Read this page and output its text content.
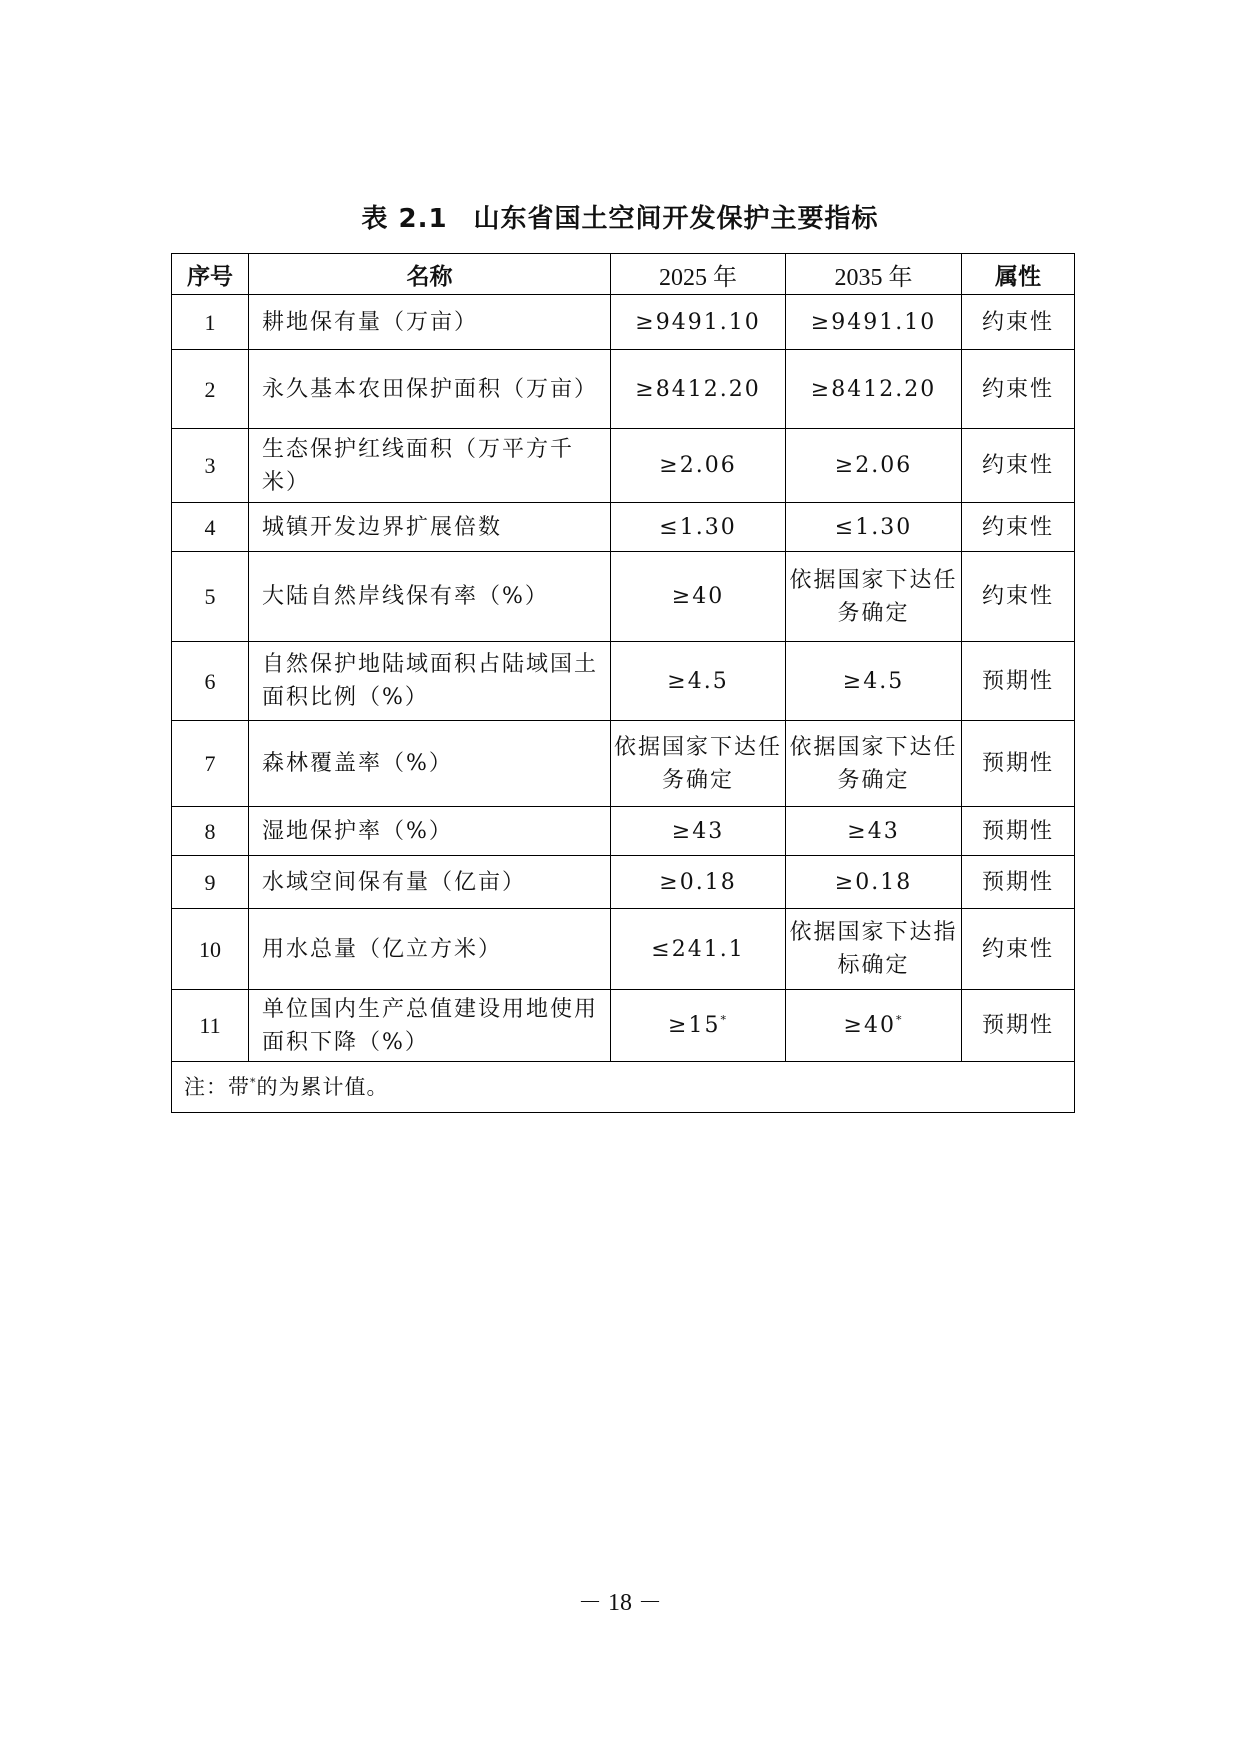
表 2.1 山东省国土空间开发保护主要指标
序号	名称	2025 年	2035 年	属性
1	耕地保有量（万亩）	≥9491.10	≥9491.10	约束性
2	永久基本农田保护面积（万亩）	≥8412.20	≥8412.20	约束性
3	生态保护红线面积（万平方千米）	≥2.06	≥2.06	约束性
4	城镇开发边界扩展倍数	≤1.30	≤1.30	约束性
5	大陆自然岸线保有率（%）	≥40	依据国家下达任务确定	约束性
6	自然保护地陆域面积占陆域国土面积比例（%）	≥4.5	≥4.5	预期性
7	森林覆盖率（%）	依据国家下达任务确定	依据国家下达任务确定	预期性
8	湿地保护率（%）	≥43	≥43	预期性
9	水域空间保有量（亿亩）	≥0.18	≥0.18	预期性
10	用水总量（亿立方米）	≤241.1	依据国家下达指标确定	约束性
11	单位国内生产总值建设用地使用面积下降（%）	≥15*	≥40*	预期性
注：带*的为累计值。				
－ 18 －
